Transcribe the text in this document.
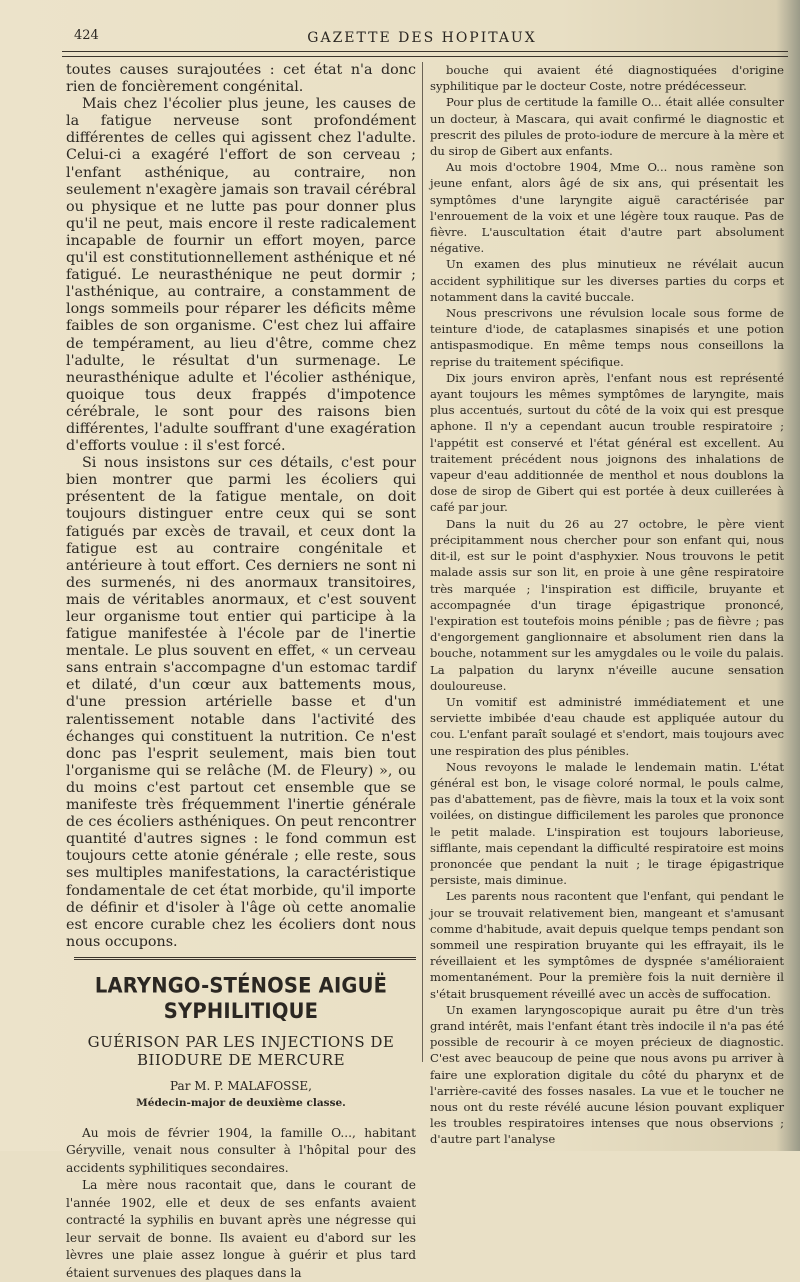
424	GAZETTE DES HOPITAUX

toutes causes surajoutées : cet état n'a donc rien de foncièrement congénital.

Mais chez l'écolier plus jeune, les causes de la fatigue nerveuse sont profondément différentes de celles qui agissent chez l'adulte. Celui-ci a exagéré l'effort de son cerveau ; l'enfant asthénique, au contraire, non seulement n'exagère jamais son travail cérébral ou physique et ne lutte pas pour donner plus qu'il ne peut, mais encore il reste radicalement incapable de fournir un effort moyen, parce qu'il est constitutionnellement asthénique et né fatigué. Le neurasthénique ne peut dormir ; l'asthénique, au contraire, a constamment de longs sommeils pour réparer les déficits même faibles de son organisme. C'est chez lui affaire de tempérament, au lieu d'être, comme chez l'adulte, le résultat d'un surmenage. Le neurasthénique adulte et l'écolier asthénique, quoique tous deux frappés d'impotence cérébrale, le sont pour des raisons bien différentes, l'adulte souffrant d'une exagération d'efforts voulue : il s'est forcé.

Si nous insistons sur ces détails, c'est pour bien montrer que parmi les écoliers qui présentent de la fatigue mentale, on doit toujours distinguer entre ceux qui se sont fatigués par excès de travail, et ceux dont la fatigue est au contraire congénitale et antérieure à tout effort. Ces derniers ne sont ni des surmenés, ni des anormaux transitoires, mais de véritables anormaux, et c'est souvent leur organisme tout entier qui participe à la fatigue manifestée à l'école par de l'inertie mentale. Le plus souvent en effet, « un cerveau sans entrain s'accompagne d'un estomac tardif et dilaté, d'un cœur aux battements mous, d'une pression artérielle basse et d'un ralentissement notable dans l'activité des échanges qui constituent la nutrition. Ce n'est donc pas l'esprit seulement, mais bien tout l'organisme qui se relâche (M. de Fleury) », ou du moins c'est partout cet ensemble que se manifeste très fréquemment l'inertie générale de ces écoliers asthéniques. On peut rencontrer quantité d'autres signes : le fond commun est toujours cette atonie générale ; elle reste, sous ses multiples manifestations, la caractéristique fondamentale de cet état morbide, qu'il importe de définir et d'isoler à l'âge où cette anomalie est encore curable chez les écoliers dont nous nous occupons.

LARYNGO-STÉNOSE AIGUË SYPHILITIQUE
GUÉRISON PAR LES INJECTIONS DE BIIODURE DE MERCURE
Par M. P. MALAFOSSE,
Médecin-major de deuxième classe.

Au mois de février 1904, la famille O..., habitant Géryville, venait nous consulter à l'hôpital pour des accidents syphilitiques secondaires.

La mère nous racontait que, dans le courant de l'année 1902, elle et deux de ses enfants avaient contracté la syphilis en buvant après une négresse qui leur servait de bonne. Ils avaient eu d'abord sur les lèvres une plaie assez longue à guérir et plus tard étaient survenues des plaques dans la

bouche qui avaient été diagnostiquées d'origine syphilitique par le docteur Coste, notre prédécesseur.

Pour plus de certitude la famille O... était allée consulter un docteur, à Mascara, qui avait confirmé le diagnostic et prescrit des pilules de proto-iodure de mercure à la mère et du sirop de Gibert aux enfants.

Au mois d'octobre 1904, Mme O... nous ramène son jeune enfant, alors âgé de six ans, qui présentait les symptômes d'une laryngite aiguë caractérisée par l'enrouement de la voix et une légère toux rauque. Pas de fièvre. L'auscultation était d'autre part absolument négative.

Un examen des plus minutieux ne révélait aucun accident syphilitique sur les diverses parties du corps et notamment dans la cavité buccale.

Nous prescrivons une révulsion locale sous forme de teinture d'iode, de cataplasmes sinapisés et une potion antispasmodique. En même temps nous conseillons la reprise du traitement spécifique.

Dix jours environ après, l'enfant nous est représenté ayant toujours les mêmes symptômes de laryngite, mais plus accentués, surtout du côté de la voix qui est presque aphone. Il n'y a cependant aucun trouble respiratoire ; l'appétit est conservé et l'état général est excellent. Au traitement précédent nous joignons des inhalations de vapeur d'eau additionnée de menthol et nous doublons la dose de sirop de Gibert qui est portée à deux cuillerées à café par jour.

Dans la nuit du 26 au 27 octobre, le père vient précipitamment nous chercher pour son enfant qui, nous dit-il, est sur le point d'asphyxier. Nous trouvons le petit malade assis sur son lit, en proie à une gêne respiratoire très marquée ; l'inspiration est difficile, bruyante et accompagnée d'un tirage épigastrique prononcé, l'expiration est toutefois moins pénible ; pas de fièvre ; pas d'engorgement ganglionnaire et absolument rien dans la bouche, notamment sur les amygdales ou le voile du palais. La palpation du larynx n'éveille aucune sensation douloureuse.

Un vomitif est administré immédiatement et une serviette imbibée d'eau chaude est appliquée autour du cou. L'enfant paraît soulagé et s'endort, mais toujours avec une respiration des plus pénibles.

Nous revoyons le malade le lendemain matin. L'état général est bon, le visage coloré normal, le pouls calme, pas d'abattement, pas de fièvre, mais la toux et la voix sont voilées, on distingue difficilement les paroles que prononce le petit malade. L'inspiration est toujours laborieuse, sifflante, mais cependant la difficulté respiratoire est moins prononcée que pendant la nuit ; le tirage épigastrique persiste, mais diminue.

Les parents nous racontent que l'enfant, qui pendant le jour se trouvait relativement bien, mangeant et s'amusant comme d'habitude, avait depuis quelque temps pendant son sommeil une respiration bruyante qui les effrayait, ils le réveillaient et les symptômes de dyspnée s'amélioraient momentanément. Pour la première fois la nuit dernière il s'était brusquement réveillé avec un accès de suffocation.

Un examen laryngoscopique aurait pu être d'un très grand intérêt, mais l'enfant étant très indocile il n'a pas été possible de recourir à ce moyen précieux de diagnostic. C'est avec beaucoup de peine que nous avons pu arriver à faire une exploration digitale du côté du pharynx et de l'arrière-cavité des fosses nasales. La vue et le toucher ne nous ont du reste révélé aucune lésion pouvant expliquer les troubles respiratoires intenses que nous observions ; d'autre part l'analyse
